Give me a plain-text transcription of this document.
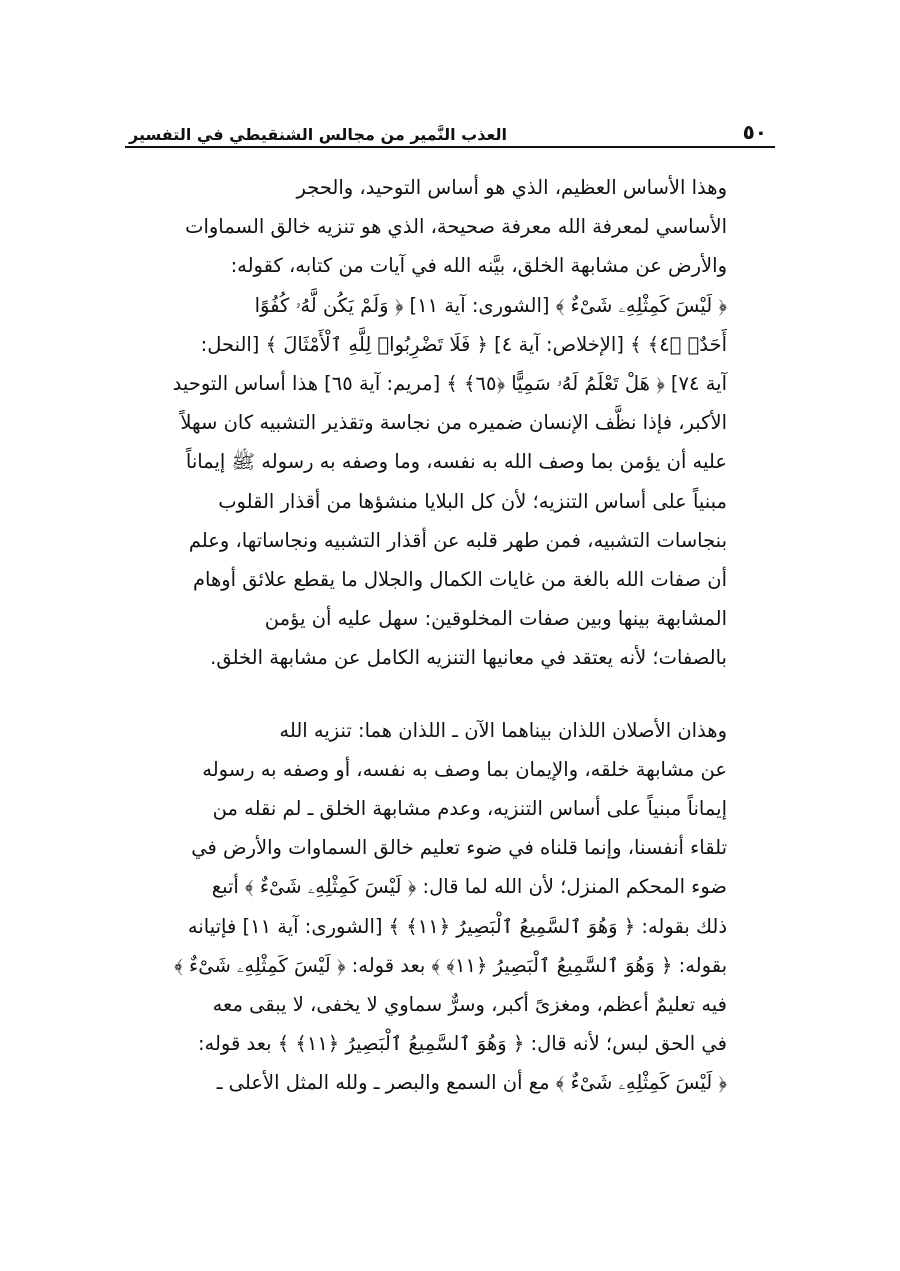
٥٠
العذب النَّمير من مجالس الشنقيطي في التفسير
وهذا الأساس العظيم، الذي هو أساس التوحيد، والحجر
الأساسي لمعرفة الله معرفة صحيحة، الذي هو تنزيه خالق السماوات
والأرض عن مشابهة الخلق، بيَّنه الله في آيات من كتابه، كقوله:
﴿ لَيْسَ كَمِثْلِهِۦ شَىْءٌ ﴾ [الشورى: آية ١١] ﴿ وَلَمْ يَكُن لَّهُۥ كُفُوًا
أَحَدٌۢ ﴿٤﴾ ﴾ [الإخلاص: آية ٤] ﴿ فَلَا تَضْرِبُوا۟ لِلَّهِ ٱلْأَمْثَالَ ﴾ [النحل:
آية ٧٤] ﴿ هَلْ تَعْلَمُ لَهُۥ سَمِيًّا ﴿٦٥﴾ ﴾ [مريم: آية ٦٥] هذا أساس التوحيد
الأكبر، فإذا نظَّف الإنسان ضميره من نجاسة وتقذير التشبيه كان سهلاً
عليه أن يؤمن بما وصف الله به نفسه، وما وصفه به رسوله ﷺ إيماناً
مبنياً على أساس التنزيه؛ لأن كل البلايا منشؤها من أقذار القلوب
بنجاسات التشبيه، فمن طهر قلبه عن أقذار التشبيه ونجاساتها، وعلم
أن صفات الله بالغة من غايات الكمال والجلال ما يقطع علائق أوهام
المشابهة بينها وبين صفات المخلوقين: سهل عليه أن يؤمن
بالصفات؛ لأنه يعتقد في معانيها التنزيه الكامل عن مشابهة الخلق.
وهذان الأصلان اللذان بيناهما الآن ـ اللذان هما: تنزيه الله
عن مشابهة خلقه، والإيمان بما وصف به نفسه، أو وصفه به رسوله
إيماناً مبنياً على أساس التنزيه، وعدم مشابهة الخلق ـ لم نقله من
تلقاء أنفسنا، وإنما قلناه في ضوء تعليم خالق السماوات والأرض في
ضوء المحكم المنزل؛ لأن الله لما قال: ﴿ لَيْسَ كَمِثْلِهِۦ شَىْءٌ ﴾ أتبع
ذلك بقوله: ﴿ وَهُوَ ٱلسَّمِيعُ ٱلْبَصِيرُ ﴿١١﴾ ﴾ [الشورى: آية ١١] فإتيانه
بقوله: ﴿ وَهُوَ ٱلسَّمِيعُ ٱلْبَصِيرُ ﴿١١﴾ ﴾ بعد قوله: ﴿ لَيْسَ كَمِثْلِهِۦ شَىْءٌ ﴾
فيه تعليمٌ أعظم، ومغزىً أكبر، وسرٌّ سماوي لا يخفى، لا يبقى معه
في الحق لبس؛ لأنه قال: ﴿ وَهُوَ ٱلسَّمِيعُ ٱلْبَصِيرُ ﴿١١﴾ ﴾ بعد قوله:
﴿ لَيْسَ كَمِثْلِهِۦ شَىْءٌ ﴾ مع أن السمع والبصر ـ ولله المثل الأعلى ـ
